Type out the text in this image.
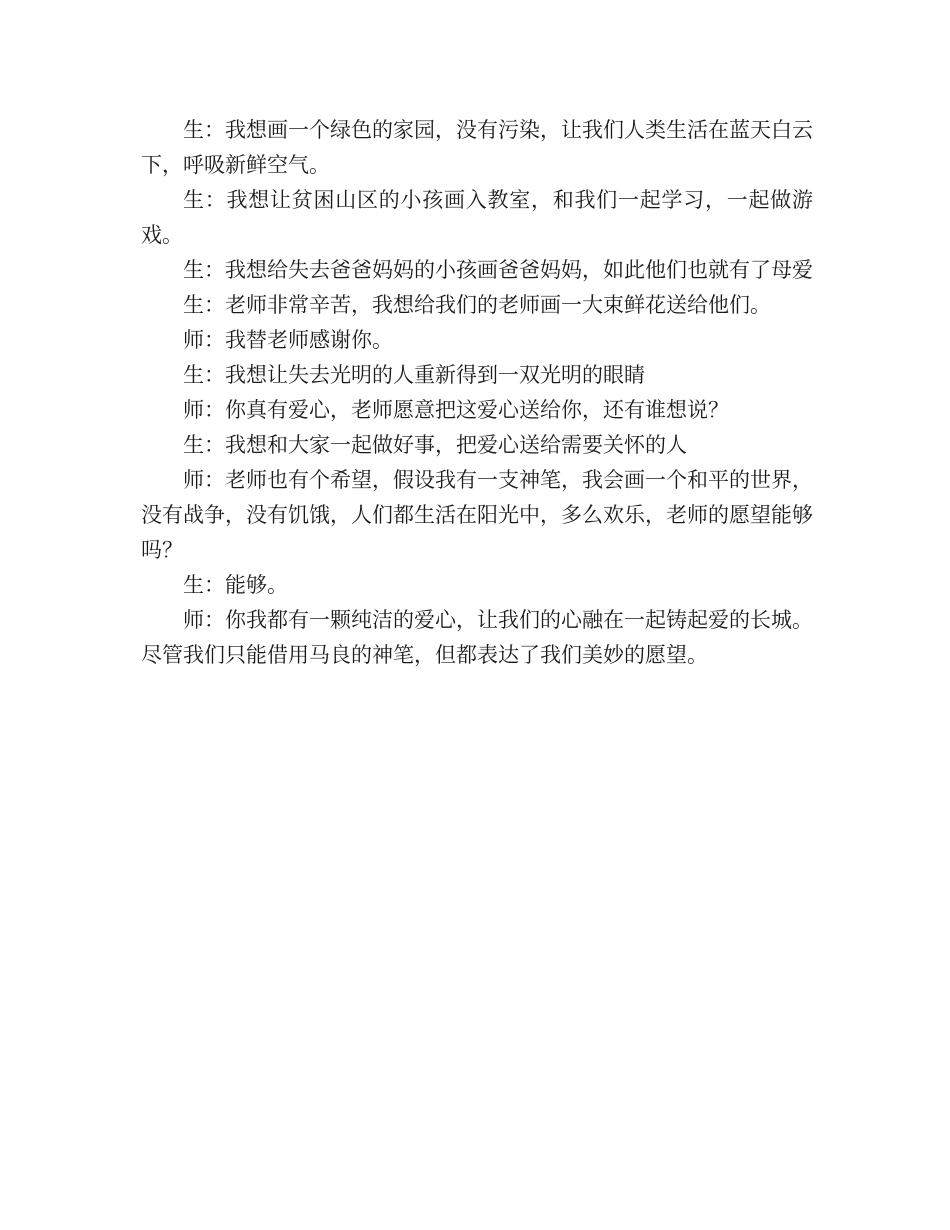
生：我想画一个绿色的家园，没有污染，让我们人类生活在蓝天白云下，呼吸新鲜空气。

生：我想让贫困山区的小孩画入教室，和我们一起学习，一起做游戏。

生：我想给失去爸爸妈妈的小孩画爸爸妈妈，如此他们也就有了母爱

生：老师非常辛苦，我想给我们的老师画一大束鲜花送给他们。

师：我替老师感谢你。

生：我想让失去光明的人重新得到一双光明的眼睛

师：你真有爱心，老师愿意把这爱心送给你，还有谁想说？

生：我想和大家一起做好事，把爱心送给需要关怀的人

师：老师也有个希望，假设我有一支神笔，我会画一个和平的世界，没有战争，没有饥饿，人们都生活在阳光中，多么欢乐，老师的愿望能够吗？

生：能够。

师：你我都有一颗纯洁的爱心，让我们的心融在一起铸起爱的长城。尽管我们只能借用马良的神笔，但都表达了我们美妙的愿望。
